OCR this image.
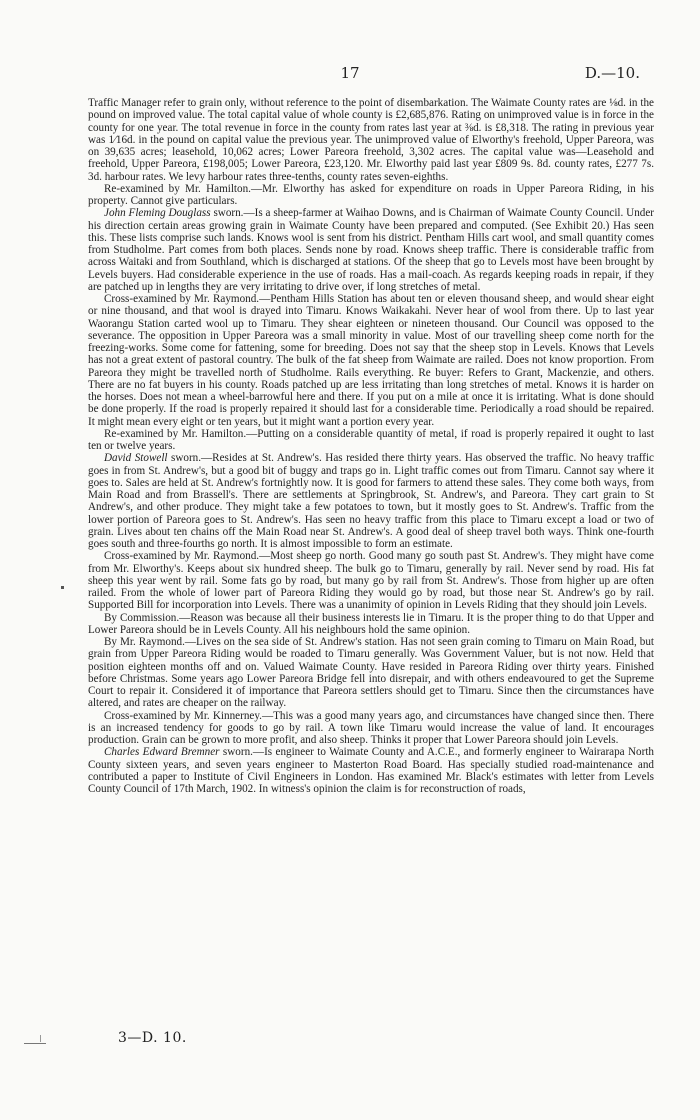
17	D.—10.

Traffic Manager refer to grain only, without reference to the point of disembarkation. The Waimate County rates are ⅛d. in the pound on improved value. The total capital value of whole county is £2,685,876. Rating on unimproved value is in force in the county for one year. The total revenue in force in the county from rates last year at ⅜d. is £8,318. The rating in previous year was 1⁄16d. in the pound on capital value the previous year. The unimproved value of Elworthy's freehold, Upper Pareora, was on 39,635 acres; leasehold, 10,062 acres; Lower Pareora freehold, 3,302 acres. The capital value was—Leasehold and freehold, Upper Pareora, £198,005; Lower Pareora, £23,120. Mr. Elworthy paid last year £809 9s. 8d. county rates, £277 7s. 3d. harbour rates. We levy harbour rates three-tenths, county rates seven-eighths.

Re-examined by Mr. Hamilton.—Mr. Elworthy has asked for expenditure on roads in Upper Pareora Riding, in his property. Cannot give particulars.

John Fleming Douglass sworn.—Is a sheep-farmer at Waihao Downs, and is Chairman of Waimate County Council. Under his direction certain areas growing grain in Waimate County have been prepared and computed. (See Exhibit 20.) Has seen this. These lists comprise such lands. Knows wool is sent from his district. Pentham Hills cart wool, and small quantity comes from Studholme. Part comes from both places. Sends none by road. Knows sheep traffic. There is considerable traffic from across Waitaki and from Southland, which is discharged at stations. Of the sheep that go to Levels most have been brought by Levels buyers. Had considerable experience in the use of roads. Has a mail-coach. As regards keeping roads in repair, if they are patched up in lengths they are very irritating to drive over, if long stretches of metal.

Cross-examined by Mr. Raymond.—Pentham Hills Station has about ten or eleven thousand sheep, and would shear eight or nine thousand, and that wool is drayed into Timaru. Knows Waikakahi. Never hear of wool from there. Up to last year Waorangu Station carted wool up to Timaru. They shear eighteen or nineteen thousand. Our Council was opposed to the severance. The opposition in Upper Pareora was a small minority in value. Most of our travelling sheep come north for the freezing-works. Some come for fattening, some for breeding. Does not say that the sheep stop in Levels. Knows that Levels has not a great extent of pastoral country. The bulk of the fat sheep from Waimate are railed. Does not know proportion. From Pareora they might be travelled north of Studholme. Rails everything. Re buyer: Refers to Grant, Mackenzie, and others. There are no fat buyers in his county. Roads patched up are less irritating than long stretches of metal. Knows it is harder on the horses. Does not mean a wheel-barrowful here and there. If you put on a mile at once it is irritating. What is done should be done properly. If the road is properly repaired it should last for a considerable time. Periodically a road should be repaired. It might mean every eight or ten years, but it might want a portion every year.

Re-examined by Mr. Hamilton.—Putting on a considerable quantity of metal, if road is properly repaired it ought to last ten or twelve years.

David Stowell sworn.—Resides at St. Andrew's. Has resided there thirty years. Has observed the traffic. No heavy traffic goes in from St. Andrew's, but a good bit of buggy and traps go in. Light traffic comes out from Timaru. Cannot say where it goes to. Sales are held at St. Andrew's fortnightly now. It is good for farmers to attend these sales. They come both ways, from Main Road and from Brassell's. There are settlements at Springbrook, St. Andrew's, and Pareora. They cart grain to St Andrew's, and other produce. They might take a few potatoes to town, but it mostly goes to St. Andrew's. Traffic from the lower portion of Pareora goes to St. Andrew's. Has seen no heavy traffic from this place to Timaru except a load or two of grain. Lives about ten chains off the Main Road near St. Andrew's. A good deal of sheep travel both ways. Think one-fourth goes south and three-fourths go north. It is almost impossible to form an estimate.

Cross-examined by Mr. Raymond.—Most sheep go north. Good many go south past St. Andrew's. They might have come from Mr. Elworthy's. Keeps about six hundred sheep. The bulk go to Timaru, generally by rail. Never send by road. His fat sheep this year went by rail. Some fats go by road, but many go by rail from St. Andrew's. Those from higher up are often railed. From the whole of lower part of Pareora Riding they would go by road, but those near St. Andrew's go by rail. Supported Bill for incorporation into Levels. There was a unanimity of opinion in Levels Riding that they should join Levels.

By Commission.—Reason was because all their business interests lie in Timaru. It is the proper thing to do that Upper and Lower Pareora should be in Levels County. All his neighbours hold the same opinion.

By Mr. Raymond.—Lives on the sea side of St. Andrew's station. Has not seen grain coming to Timaru on Main Road, but grain from Upper Pareora Riding would be roaded to Timaru generally. Was Government Valuer, but is not now. Held that position eighteen months off and on. Valued Waimate County. Have resided in Pareora Riding over thirty years. Finished before Christmas. Some years ago Lower Pareora Bridge fell into disrepair, and with others endeavoured to get the Supreme Court to repair it. Considered it of importance that Pareora settlers should get to Timaru. Since then the circumstances have altered, and rates are cheaper on the railway.

Cross-examined by Mr. Kinnerney.—This was a good many years ago, and circumstances have changed since then. There is an increased tendency for goods to go by rail. A town like Timaru would increase the value of land. It encourages production. Grain can be grown to more profit, and also sheep. Thinks it proper that Lower Pareora should join Levels.

Charles Edward Bremner sworn.—Is engineer to Waimate County and A.C.E., and formerly engineer to Wairarapa North County sixteen years, and seven years engineer to Masterton Road Board. Has specially studied road-maintenance and contributed a paper to Institute of Civil Engineers in London. Has examined Mr. Black's estimates with letter from Levels County Council of 17th March, 1902. In witness's opinion the claim is for reconstruction of roads,

3—D. 10.
